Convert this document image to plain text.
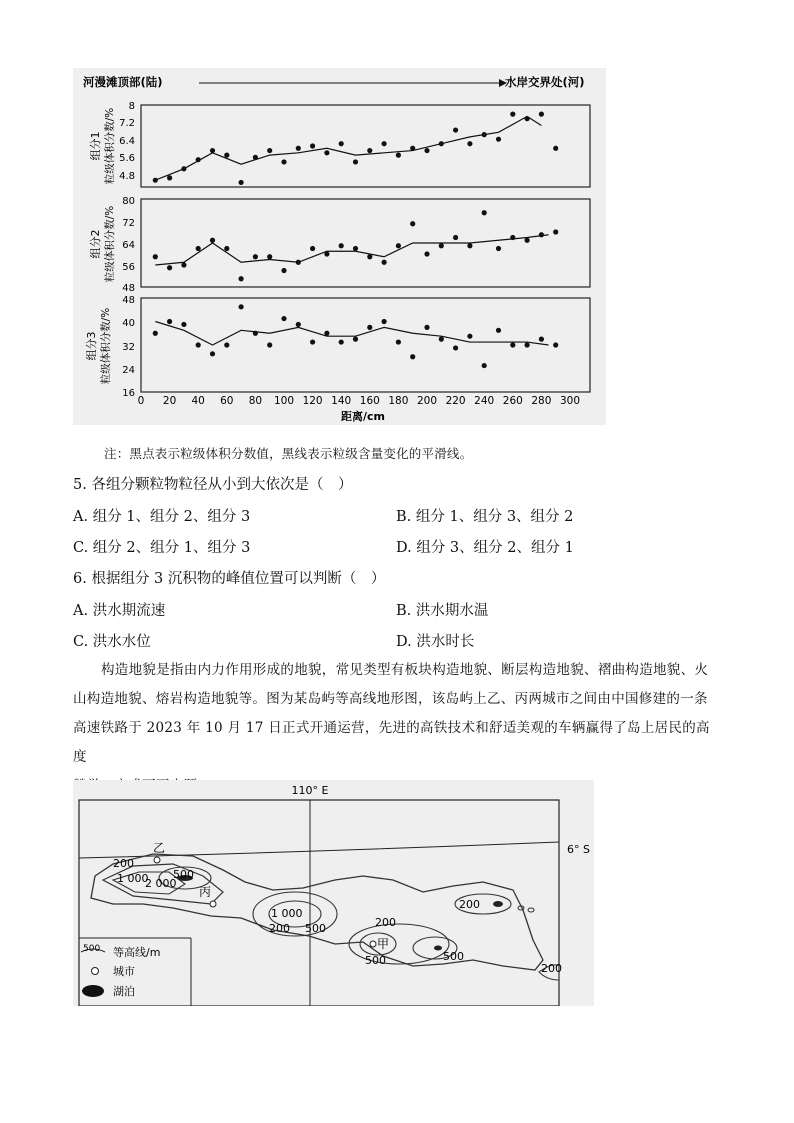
河漫滩顶部(陆)	水岸交界处(河)
组分1 粒级体积分数/%
组分2 粒级体积分数/%
组分3 粒级体积分数/%
8
7.2
6.4
5.6
4.8
80
72
64
56
48
48
40
32
24
16
0 20 40 60 80 100 120 140 160 180 200 220 240 260 280 300
距离/cm
注：黑点表示粒级体积分数值，黑线表示粒级含量变化的平滑线。
5. 各组分颗粒物粒径从小到大依次是（　）
A. 组分 1、组分 2、组分 3	B. 组分 1、组分 3、组分 2
C. 组分 2、组分 1、组分 3	D. 组分 3、组分 2、组分 1
6. 根据组分 3 沉积物的峰值位置可以判断（　）
A. 洪水期流速	B. 洪水期水温
C. 洪水水位	D. 洪水时长
构造地貌是指由内力作用形成的地貌，常见类型有板块构造地貌、断层构造地貌、褶曲构造地貌、火
山构造地貌、熔岩构造地貌等。图为某岛屿等高线地形图，该岛屿上乙、丙两城市之间由中国修建的一条
高速铁路于 2023 年 10 月 17 日正式开通运营，先进的高铁技术和舒适美观的车辆赢得了岛上居民的高度
110° E
6° S
200
1 000
2 000
500
1 000
200 500	200
500	500
200
200
乙
丙
甲
500 等高线/m
城市
湖泊
